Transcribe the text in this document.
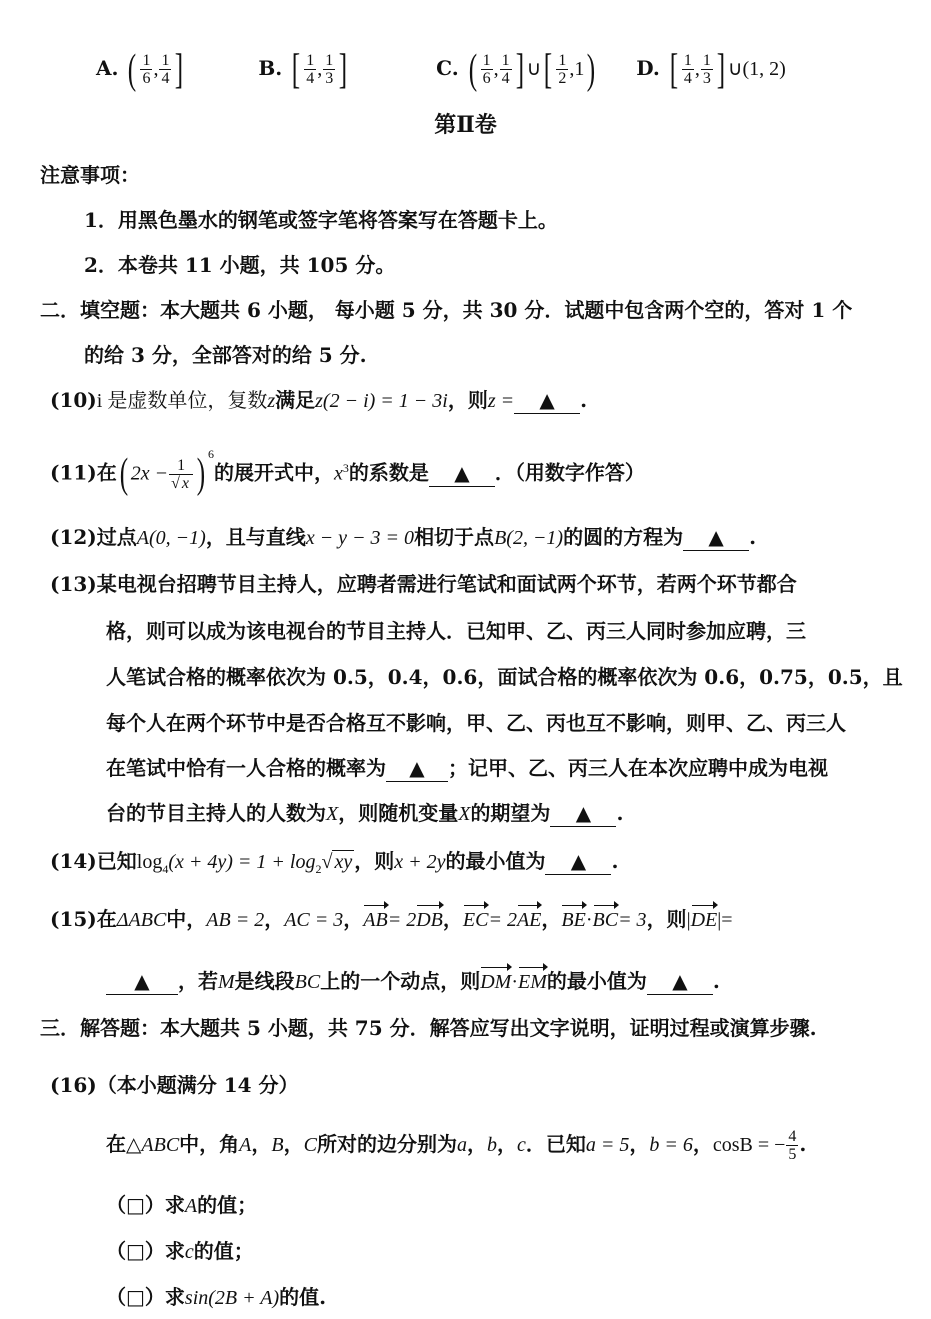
A. ( $\frac{1}{6}$ , $\frac{1}{4}$ ]	B. [ $\frac{1}{4}$ , $\frac{1}{3}$ ]	C. ( $\frac{1}{6}$ , $\frac{1}{4}$ ] ∪[ $\frac{1}{2} ,1$) D. [ $\frac{1}{4}$ , $\frac{1}{3}$ ] ∪(1, 2)
第Ⅱ卷
注意事项：
1．用黑色墨水的钢笔或签字笔将答案写在答题卡上。
2．本卷共 11 小题，共 105 分。
二．填空题：本大题共 6 小题， 每小题 5 分，共 30 分．试题中包含两个空的，答对 1 个
的给 3 分，全部答对的给 5 分.
(10)i 是虚数单位，复数z满足z(2 − i) = 1 − 3i，则z = ▲ .
(11)在( $2x - \frac{1}{√ x}$ ) $^6$的展开式中，$x^3$的系数是 ▲ ．（用数字作答）
(12)过点A(0, −1)，且与直线x − y − 3 = 0相切于点B(2, −1)的圆的方程为 ▲ .
(13)某电视台招聘节目主持人，应聘者需进行笔试和面试两个环节，若两个环节都合
格，则可以成为该电视台的节目主持人．已知甲、乙、丙三人同时参加应聘，三
人笔试合格的概率依次为 0.5，0.4，0.6，面试合格的概率依次为 0.6，0.75，0.5，且
每个人在两个环节中是否合格互不影响，甲、乙、丙也互不影响，则甲、乙、丙三人
在笔试中恰有一人合格的概率为 ▲ ；记甲、乙、丙三人在本次应聘中成为电视
台的节目主持人的人数为X，则随机变量X的期望为 ▲ .
(14)已知$\log_4(x + 4y) = 1 + \log_2√$ xy ，则x + 2y的最小值为 ▲ .
(15)在ΔABC中，AB = 2，AC = 3，AB= 2DB，EC= 2AE，BE·BC= 3，则|DE|=
▲ ，若M是线段BC上的一个动点，则DM·EM的最小值为 ▲ .
三．解答题：本大题共 5 小题，共 75 分．解答应写出文字说明，证明过程或演算步骤.
(16)（本小题满分 14 分）
在△ABC中，角A，B，C所对的边分别为a，b，c．已知a = 5，b = 6，cosB = − $\frac{4}{5}$ .
（□）求A的值；
（□）求c的值；
（□）求sin(2B + A)的值.
